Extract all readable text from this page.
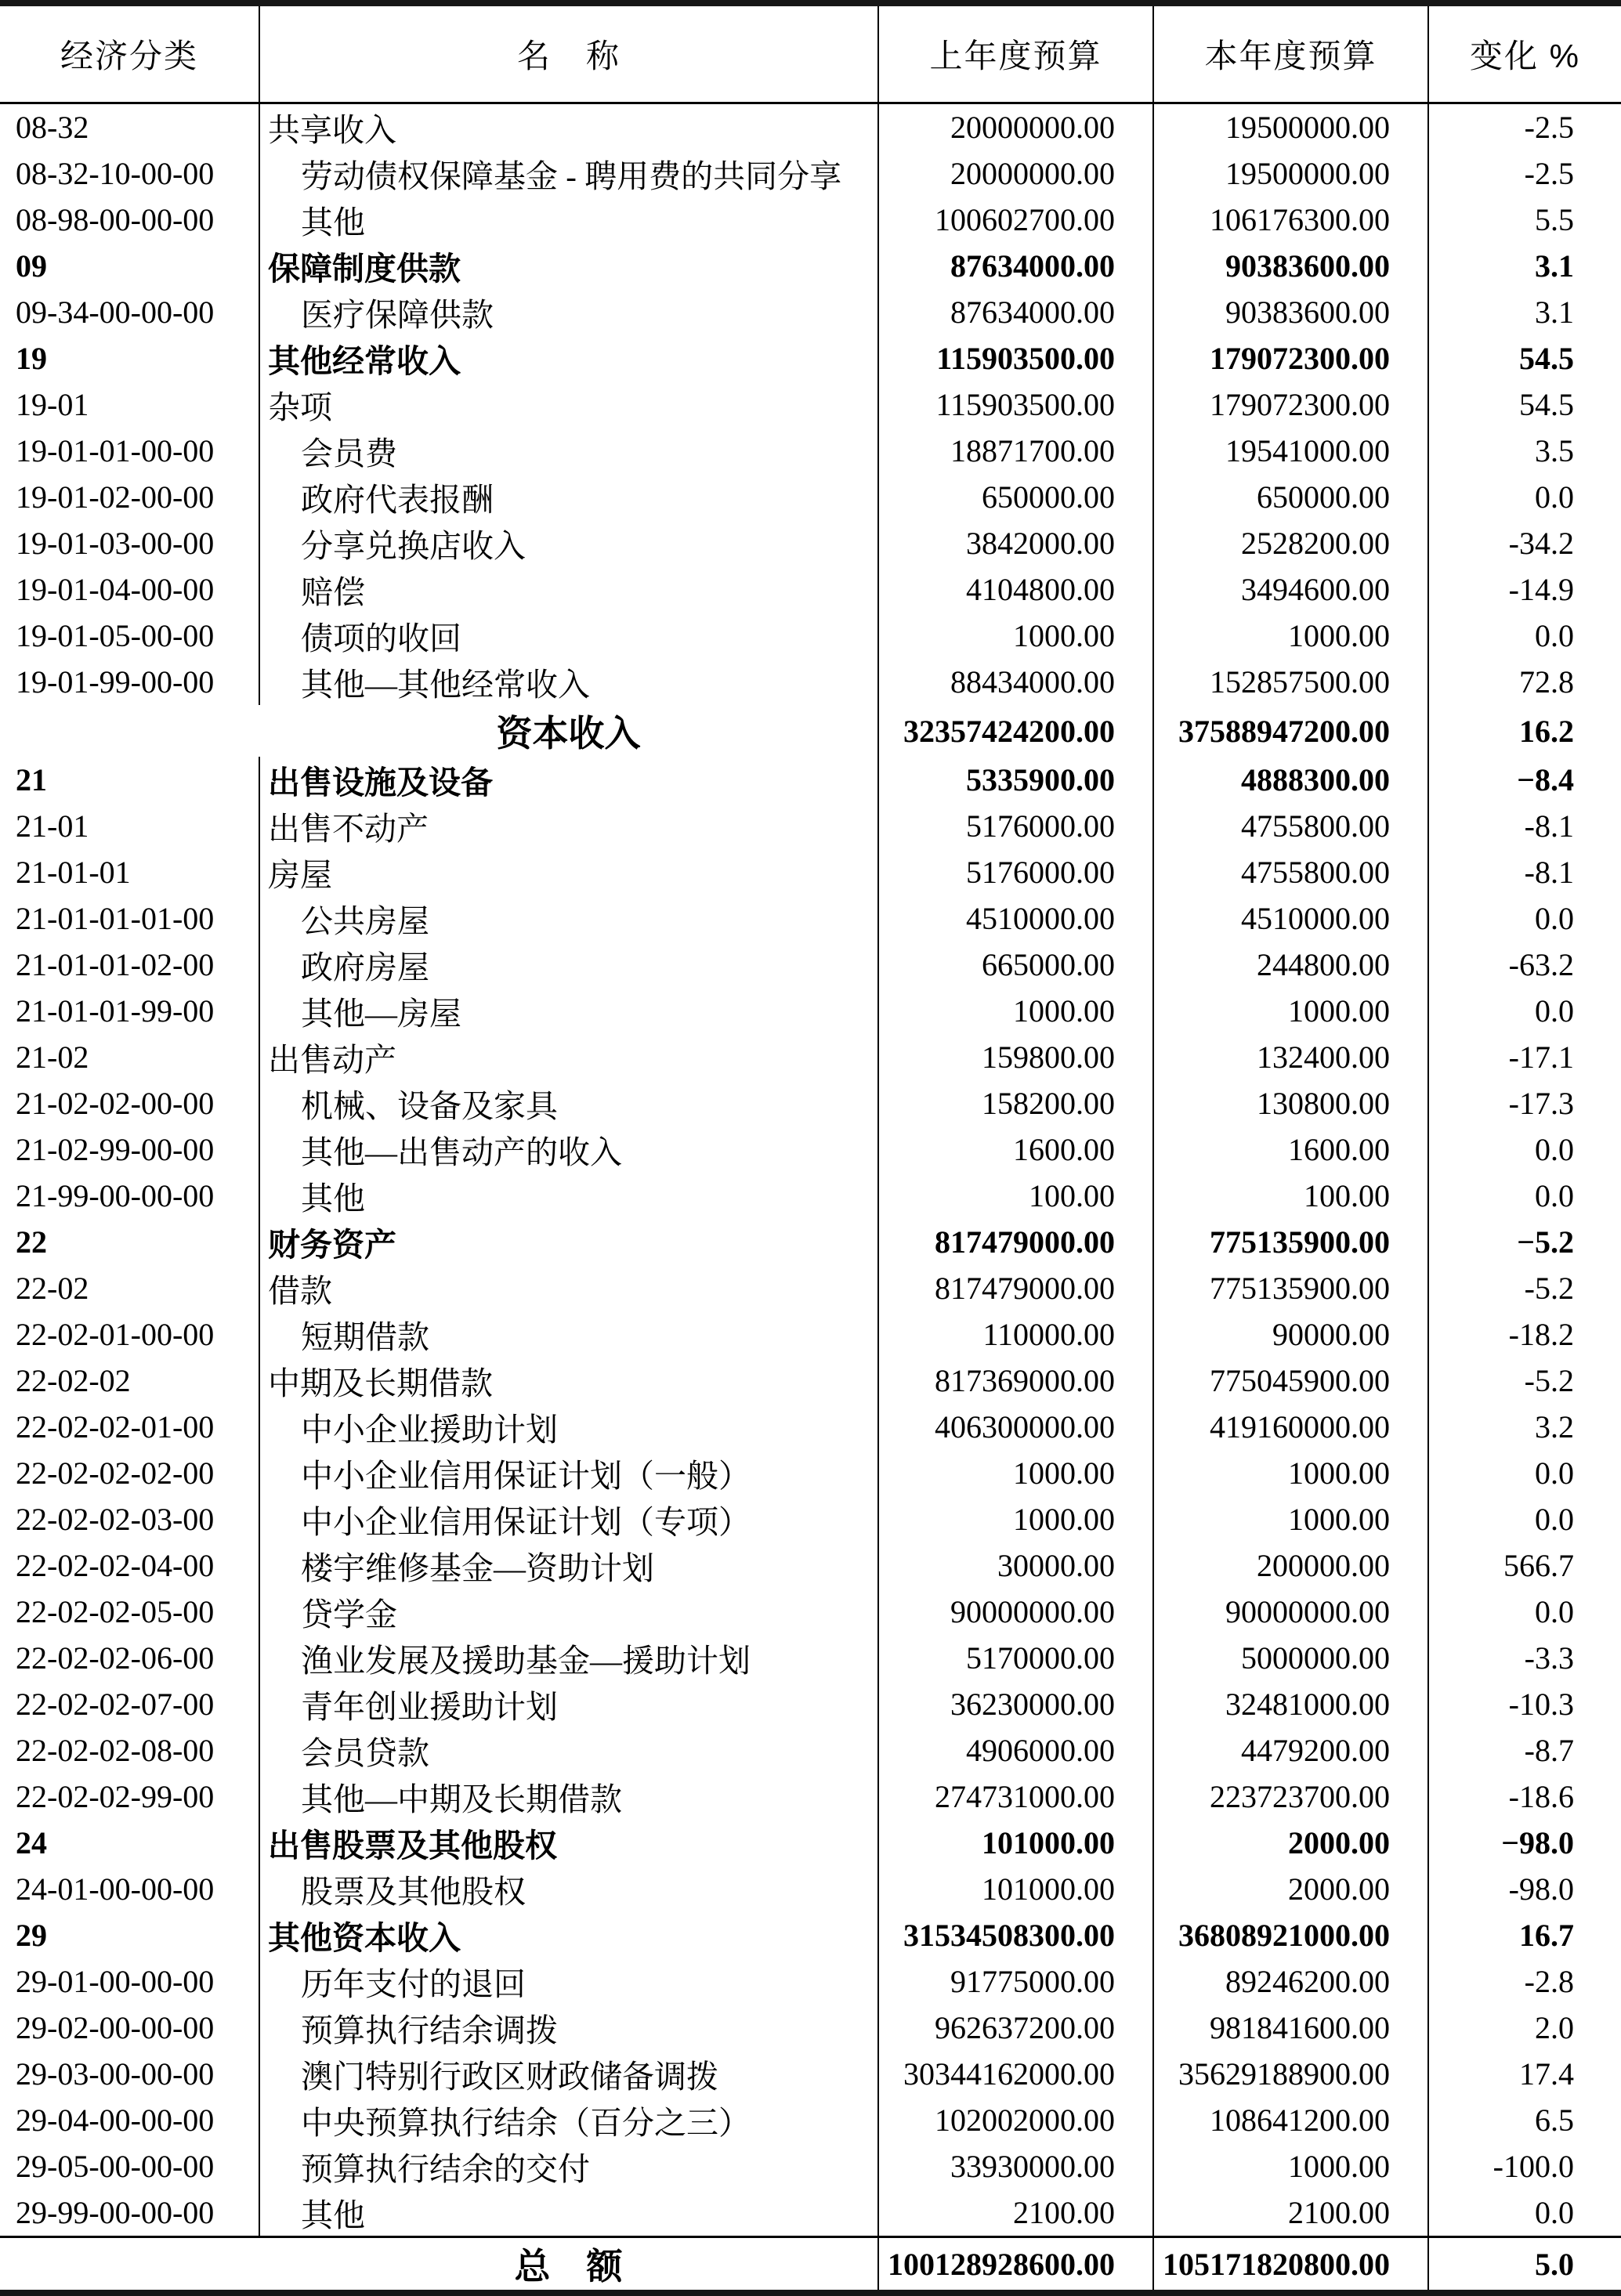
经济分类	名　称	上年度预算	本年度预算	变化 %
08-32	共享收入	20000000.00	19500000.00	-2.5
08-32-10-00-00	劳动债权保障基金 - 聘用费的共同分享	20000000.00	19500000.00	-2.5
08-98-00-00-00	其他	100602700.00	106176300.00	5.5
09	保障制度供款	87634000.00	90383600.00	3.1
09-34-00-00-00	医疗保障供款	87634000.00	90383600.00	3.1
19	其他经常收入	115903500.00	179072300.00	54.5
19-01	杂项	115903500.00	179072300.00	54.5
19-01-01-00-00	会员费	18871700.00	19541000.00	3.5
19-01-02-00-00	政府代表报酬	650000.00	650000.00	0.0
19-01-03-00-00	分享兑换店收入	3842000.00	2528200.00	-34.2
19-01-04-00-00	赔偿	4104800.00	3494600.00	-14.9
19-01-05-00-00	债项的收回	1000.00	1000.00	0.0
19-01-99-00-00	其他—其他经常收入	88434000.00	152857500.00	72.8
资本收入		32357424200.00	37588947200.00	16.2
21	出售设施及设备	5335900.00	4888300.00	−8.4
21-01	出售不动产	5176000.00	4755800.00	-8.1
21-01-01	房屋	5176000.00	4755800.00	-8.1
21-01-01-01-00	公共房屋	4510000.00	4510000.00	0.0
21-01-01-02-00	政府房屋	665000.00	244800.00	-63.2
21-01-01-99-00	其他—房屋	1000.00	1000.00	0.0
21-02	出售动产	159800.00	132400.00	-17.1
21-02-02-00-00	机械、设备及家具	158200.00	130800.00	-17.3
21-02-99-00-00	其他—出售动产的收入	1600.00	1600.00	0.0
21-99-00-00-00	其他	100.00	100.00	0.0
22	财务资产	817479000.00	775135900.00	−5.2
22-02	借款	817479000.00	775135900.00	-5.2
22-02-01-00-00	短期借款	110000.00	90000.00	-18.2
22-02-02	中期及长期借款	817369000.00	775045900.00	-5.2
22-02-02-01-00	中小企业援助计划	406300000.00	419160000.00	3.2
22-02-02-02-00	中小企业信用保证计划（一般）	1000.00	1000.00	0.0
22-02-02-03-00	中小企业信用保证计划（专项）	1000.00	1000.00	0.0
22-02-02-04-00	楼宇维修基金—资助计划	30000.00	200000.00	566.7
22-02-02-05-00	贷学金	90000000.00	90000000.00	0.0
22-02-02-06-00	渔业发展及援助基金—援助计划	5170000.00	5000000.00	-3.3
22-02-02-07-00	青年创业援助计划	36230000.00	32481000.00	-10.3
22-02-02-08-00	会员贷款	4906000.00	4479200.00	-8.7
22-02-02-99-00	其他—中期及长期借款	274731000.00	223723700.00	-18.6
24	出售股票及其他股权	101000.00	2000.00	−98.0
24-01-00-00-00	股票及其他股权	101000.00	2000.00	-98.0
29	其他资本收入	31534508300.00	36808921000.00	16.7
29-01-00-00-00	历年支付的退回	91775000.00	89246200.00	-2.8
29-02-00-00-00	预算执行结余调拨	962637200.00	981841600.00	2.0
29-03-00-00-00	澳门特别行政区财政储备调拨	30344162000.00	35629188900.00	17.4
29-04-00-00-00	中央预算执行结余（百分之三）	102002000.00	108641200.00	6.5
29-05-00-00-00	预算执行结余的交付	33930000.00	1000.00	-100.0
29-99-00-00-00	其他	2100.00	2100.00	0.0
总　额		100128928600.00	105171820800.00	5.0
